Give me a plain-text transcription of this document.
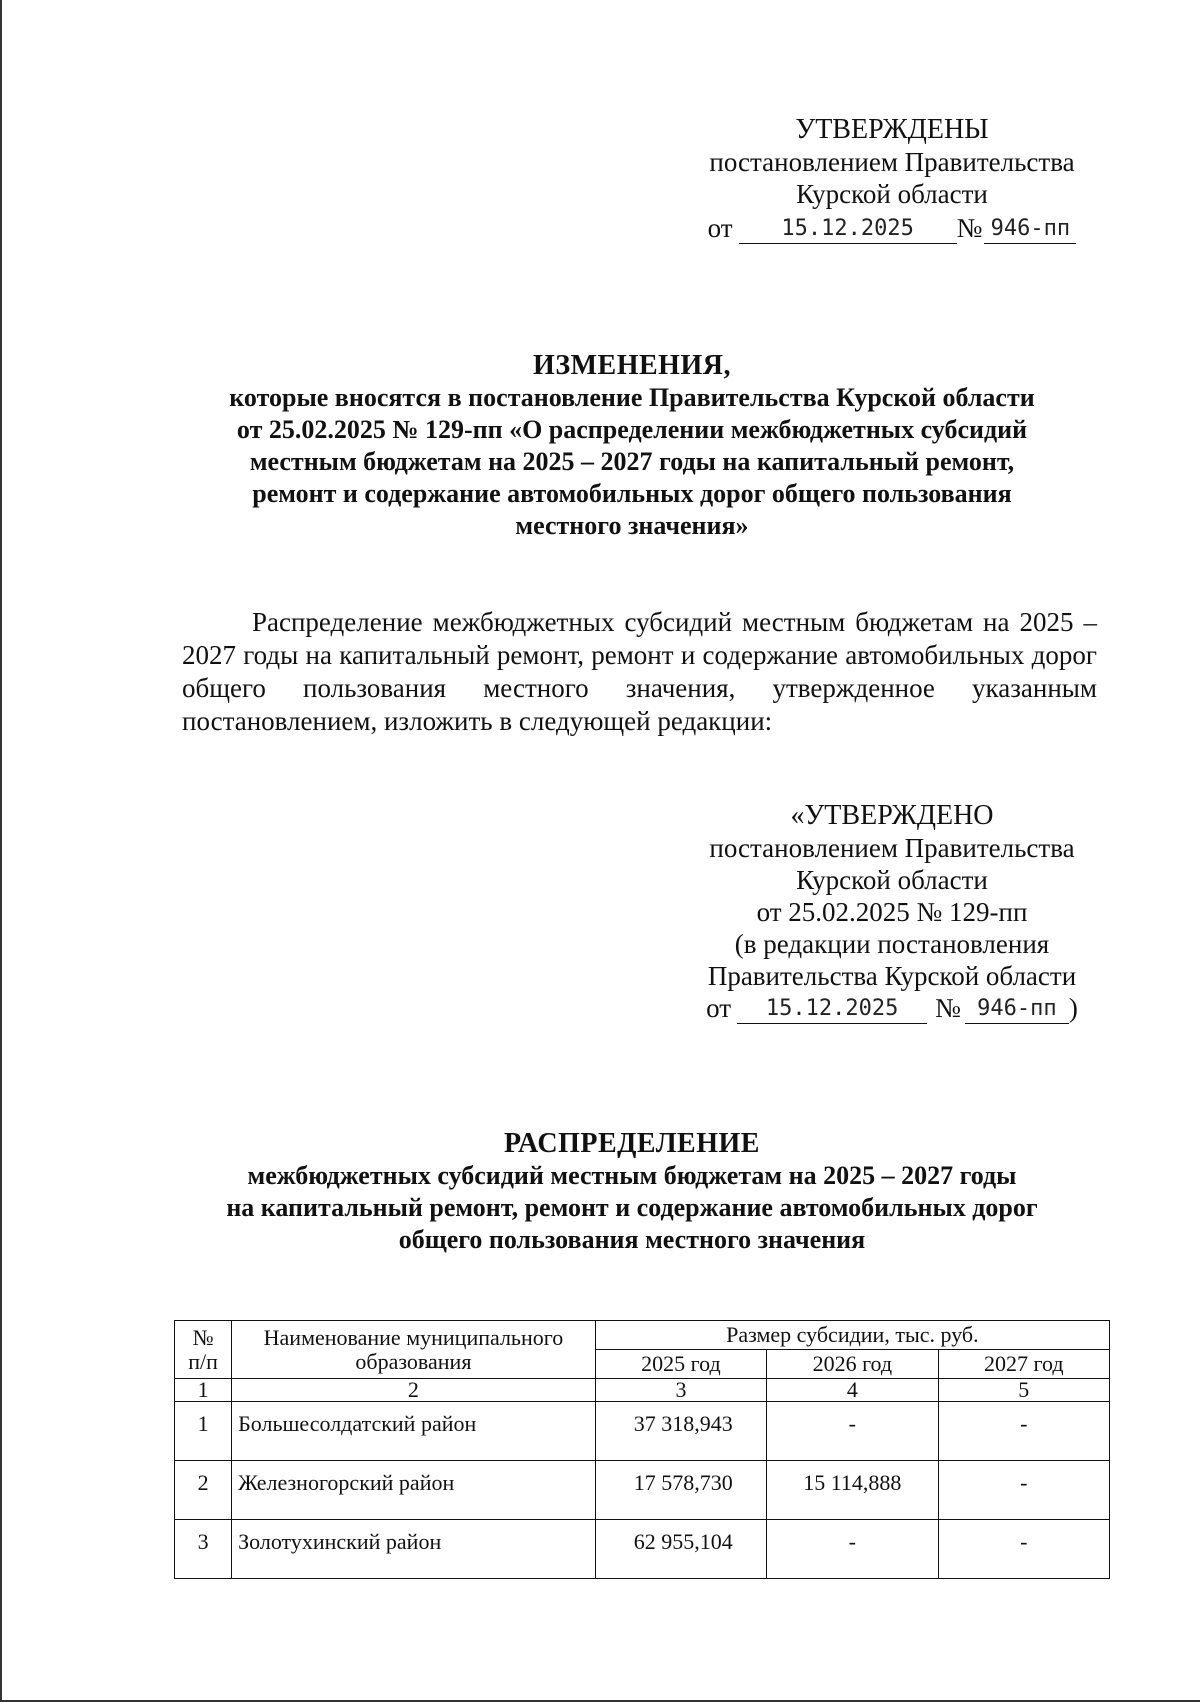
УТВЕРЖДЕНЫ
постановлением Правительства
Курской области
от	15.12.2025	№ 946-пп
ИЗМЕНЕНИЯ,
которые вносятся в постановление Правительства Курской области
от 25.02.2025 № 129-пп «О распределении межбюджетных субсидий
местным бюджетам на 2025 – 2027 годы на капитальный ремонт,
ремонт и содержание автомобильных дорог общего пользования
местного значения»
Распределение межбюджетных субсидий местным бюджетам на 2025 – 2027 годы на капитальный ремонт, ремонт и содержание автомобильных дорог общего пользования местного значения, утвержденное указанным постановлением, изложить в следующей редакции:
«УТВЕРЖДЕНО
постановлением Правительства
Курской области
от 25.02.2025 № 129-пп
(в редакции постановления
Правительства Курской области
от	15.12.2025	№ 946-пп )
РАСПРЕДЕЛЕНИЕ
межбюджетных субсидий местным бюджетам на 2025 – 2027 годы
на капитальный ремонт, ремонт и содержание автомобильных дорог
общего пользования местного значения
№ п/п	Наименование муниципального образования	Размер субсидии, тыс. руб.		
		2025 год	2026 год	2027 год
1	2	3	4	5
1	Большесолдатский район	37 318,943	-	-
2	Железногорский район	17 578,730	15 114,888	-
3	Золотухинский район	62 955,104	-	-
